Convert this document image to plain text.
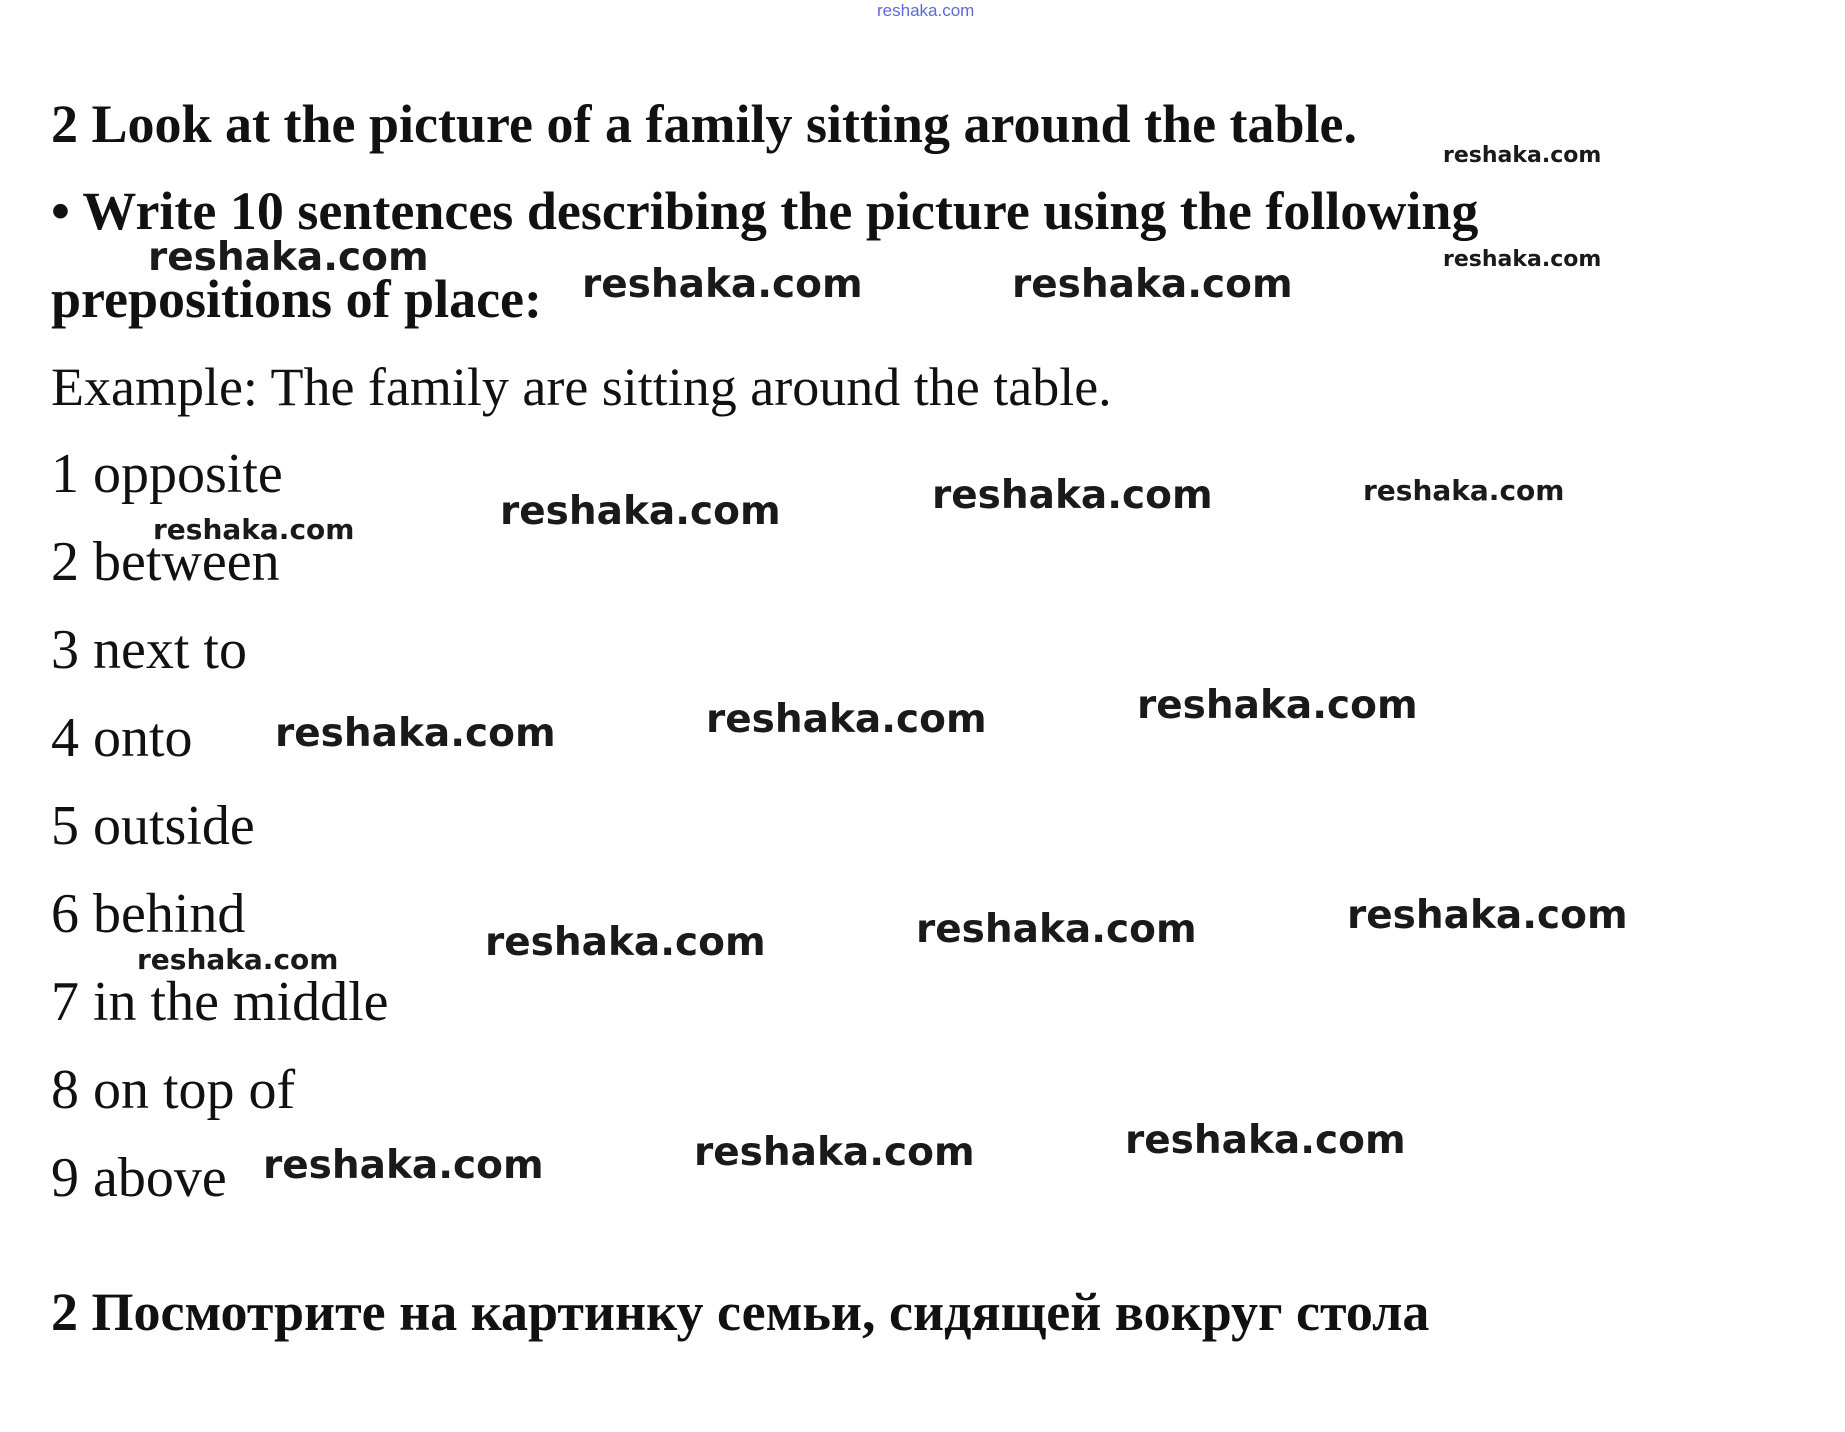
reshaka.com
2 Look at the picture of a family sitting around the table.
• Write 10 sentences describing the picture using the following
prepositions of place:
Example: The family are sitting around the table.
1 opposite
2 between
3 next to
4 onto
5 outside
6 behind
7 in the middle
8 on top of
9 above
2 Посмотрите на картинку семьи, сидящей вокруг стола
reshaka.com
reshaka.com	reshaka.com
reshaka.com	reshaka.com
reshaka.com
reshaka.com
reshaka.com
reshaka.com
reshaka.com
reshaka.com
reshaka.com
reshaka.com
reshaka.com
reshaka.com
reshaka.com
reshaka.com
reshaka.com
reshaka.com
